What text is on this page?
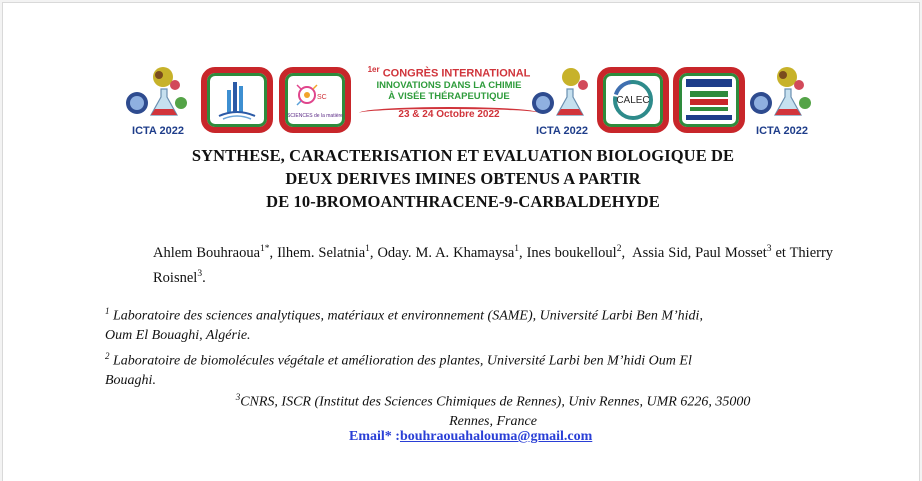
ICTA 2022
SC
SCIENCES de la matière
$^{1er}$ CONGRÈS INTERNATIONAL
INNOVATIONS DANS LA CHIMIE
À VISÉE THÉRAPEUTIQUE
23 & 24 Octobre 2022
ICTA 2022
CALEC
ICTA 2022
SYNTHESE, CARACTERISATION ET EVALUATION BIOLOGIQUE DE
DEUX DERIVES IMINES OBTENUS A PARTIR
DE 10-BROMOANTHRACENE-9-CARBALDEHYDE
Ahlem Bouhraoua$^{1*}$, Ilhem. Selatnia$^1$, Oday. M. A. Khamaysa$^1$, Ines boukelloul$^2$,  Assia Sid, Paul Mosset$^3$ et Thierry Roisnel$^3$.
$^1$ Laboratoire des sciences analytiques, matériaux et environnement (SAME), Université Larbi Ben M’hidi,
Oum El Bouaghi, Algérie.
$^2$ Laboratoire de biomolécules végétale et amélioration des plantes, Université Larbi ben M’hidi Oum El
Bouaghi.
$^3$CNRS, ISCR (Institut des Sciences Chimiques de Rennes), Univ Rennes, UMR 6226, 35000
Rennes, France
Email* :bouhraouahalouma@gmail.com
